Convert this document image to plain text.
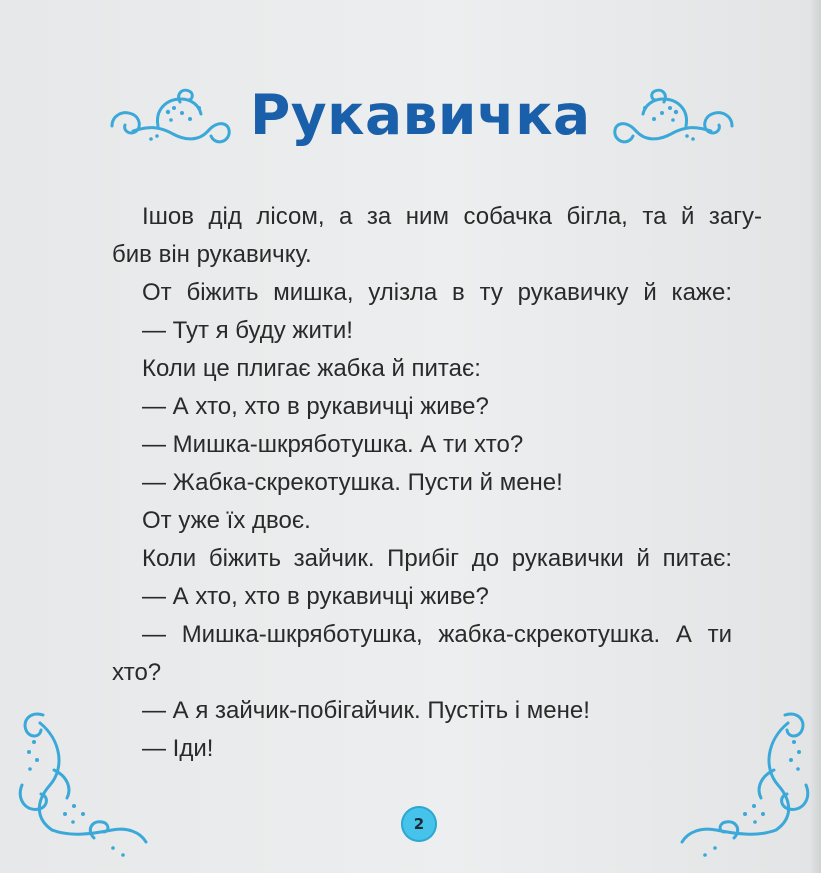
Рукавичка
Ішов дід лісом, а за ним собачка бігла, та й загу-
бив він рукавичку.
От біжить мишка, улізла в ту рукавичку й каже:
— Тут я буду жити!
Коли це плигає жабка й питає:
— А хто, хто в рукавичці живе?
— Мишка-шкряботушка. А ти хто?
— Жабка-скрекотушка. Пусти й мене!
От уже їх двоє.
Коли біжить зайчик. Прибіг до рукавички й питає:
— А хто, хто в рукавичці живе?
— Мишка-шкряботушка, жабка-скрекотушка. А ти
хто?
— А я зайчик-побігайчик. Пустіть і мене!
— Іди!
2
